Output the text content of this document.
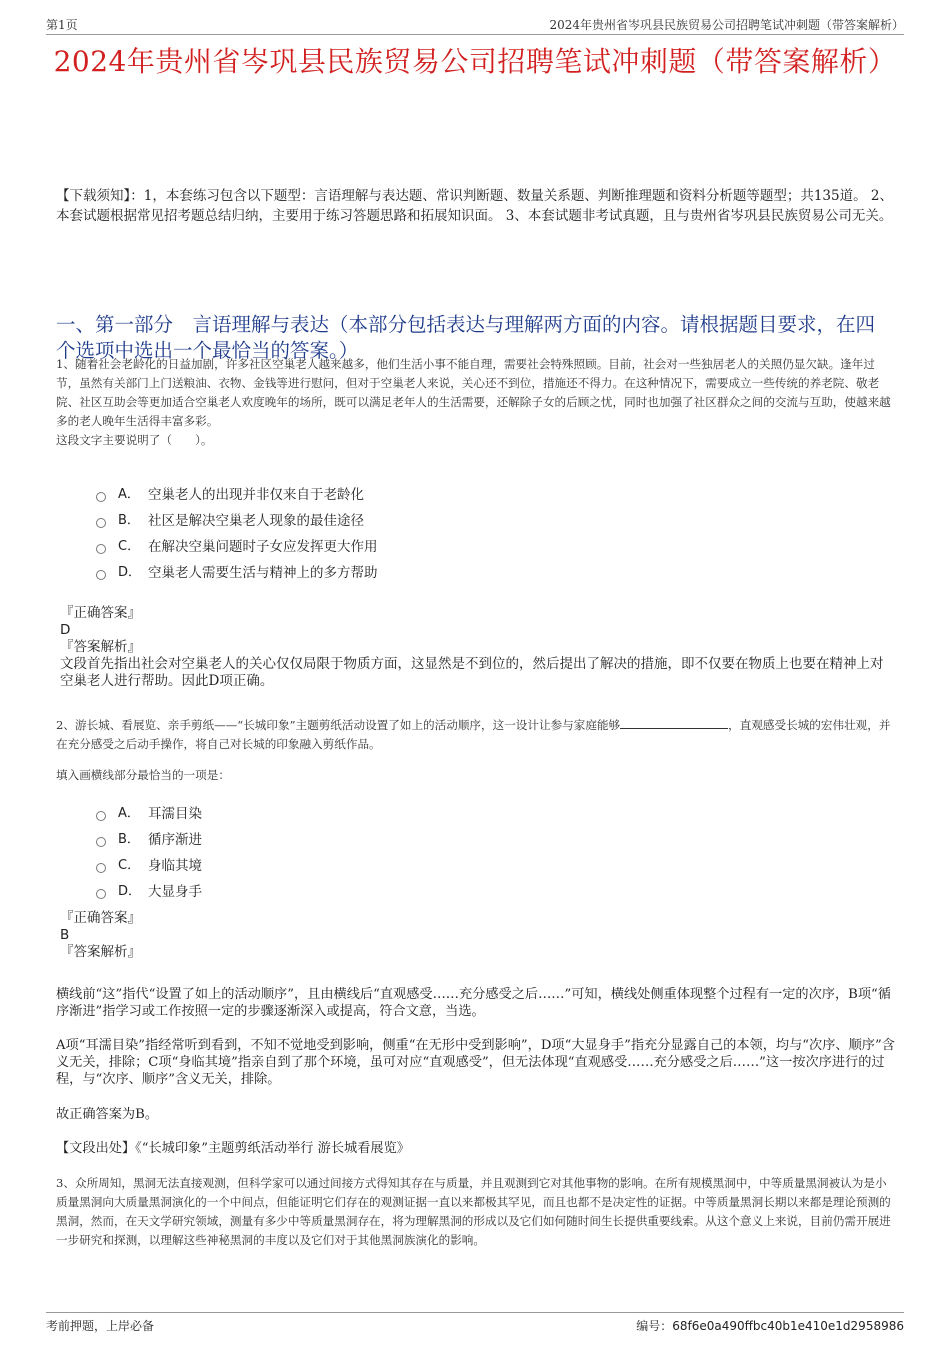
第1页	2024年贵州省岑巩县民族贸易公司招聘笔试冲刺题（带答案解析）
2024年贵州省岑巩县民族贸易公司招聘笔试冲刺题（带答案解析）
【下载须知】：1，本套练习包含以下题型：言语理解与表达题、常识判断题、数量关系题、判断推理题和资料分析题等题型；共135道。 2、本套试题根据常见招考题总结归纳，主要用于练习答题思路和拓展知识面。 3、本套试题非考试真题，且与贵州省岑巩县民族贸易公司无关。
一、第一部分　言语理解与表达（本部分包括表达与理解两方面的内容。请根据题目要求，在四个选项中选出一个最恰当的答案。）
1、随着社会老龄化的日益加剧，许多社区空巢老人越来越多，他们生活小事不能自理，需要社会特殊照顾。目前，社会对一些独居老人的关照仍显欠缺。逢年过节，虽然有关部门上门送粮油、衣物、金钱等进行慰问，但对于空巢老人来说，关心还不到位，措施还不得力。在这种情况下，需要成立一些传统的养老院、敬老院、社区互助会等更加适合空巢老人欢度晚年的场所，既可以满足老年人的生活需要，还解除子女的后顾之忧，同时也加强了社区群众之间的交流与互助，使越来越多的老人晚年生活得丰富多彩。
这段文字主要说明了（　　）。
A． 空巢老人的出现并非仅来自于老龄化
B． 社区是解决空巢老人现象的最佳途径
C． 在解决空巢问题时子女应发挥更大作用
D． 空巢老人需要生活与精神上的多方帮助
『正确答案』
D
『答案解析』
文段首先指出社会对空巢老人的关心仅仅局限于物质方面，这显然是不到位的，然后提出了解决的措施，即不仅要在物质上也要在精神上对空巢老人进行帮助。因此D项正确。
2、游长城、看展览、亲手剪纸——“长城印象”主题剪纸活动设置了如上的活动顺序，这一设计让参与家庭能够	，直观感受长城的宏伟壮观，并在充分感受之后动手操作，将自己对长城的印象融入剪纸作品。
填入画横线部分最恰当的一项是：
A． 耳濡目染
B． 循序渐进
C． 身临其境
D． 大显身手
『正确答案』
B
『答案解析』
横线前“这”指代“设置了如上的活动顺序”，且由横线后“直观感受……充分感受之后……”可知，横线处侧重体现整个过程有一定的次序，B项“循序渐进”指学习或工作按照一定的步骤逐渐深入或提高，符合文意，当选。
A项“耳濡目染”指经常听到看到，不知不觉地受到影响，侧重“在无形中受到影响”，D项“大显身手”指充分显露自己的本领，均与“次序、顺序”含义无关，排除；C项“身临其境”指亲自到了那个环境，虽可对应“直观感受”，但无法体现“直观感受……充分感受之后……”这一按次序进行的过程，与“次序、顺序”含义无关，排除。
故正确答案为B。
【文段出处】《“长城印象”主题剪纸活动举行 游长城看展览》
3、众所周知，黑洞无法直接观测，但科学家可以通过间接方式得知其存在与质量，并且观测到它对其他事物的影响。在所有规模黑洞中，中等质量黑洞被认为是小质量黑洞向大质量黑洞演化的一个中间点，但能证明它们存在的观测证据一直以来都极其罕见，而且也都不是决定性的证据。中等质量黑洞长期以来都是理论预测的黑洞，然而，在天文学研究领域，测量有多少中等质量黑洞存在，将为理解黑洞的形成以及它们如何随时间生长提供重要线索。从这个意义上来说，目前仍需开展进一步研究和探测，以理解这些神秘黑洞的丰度以及它们对于其他黑洞族演化的影响。
考前押题，上岸必备	编号：68f6e0a490ffbc40b1e410e1d2958986
